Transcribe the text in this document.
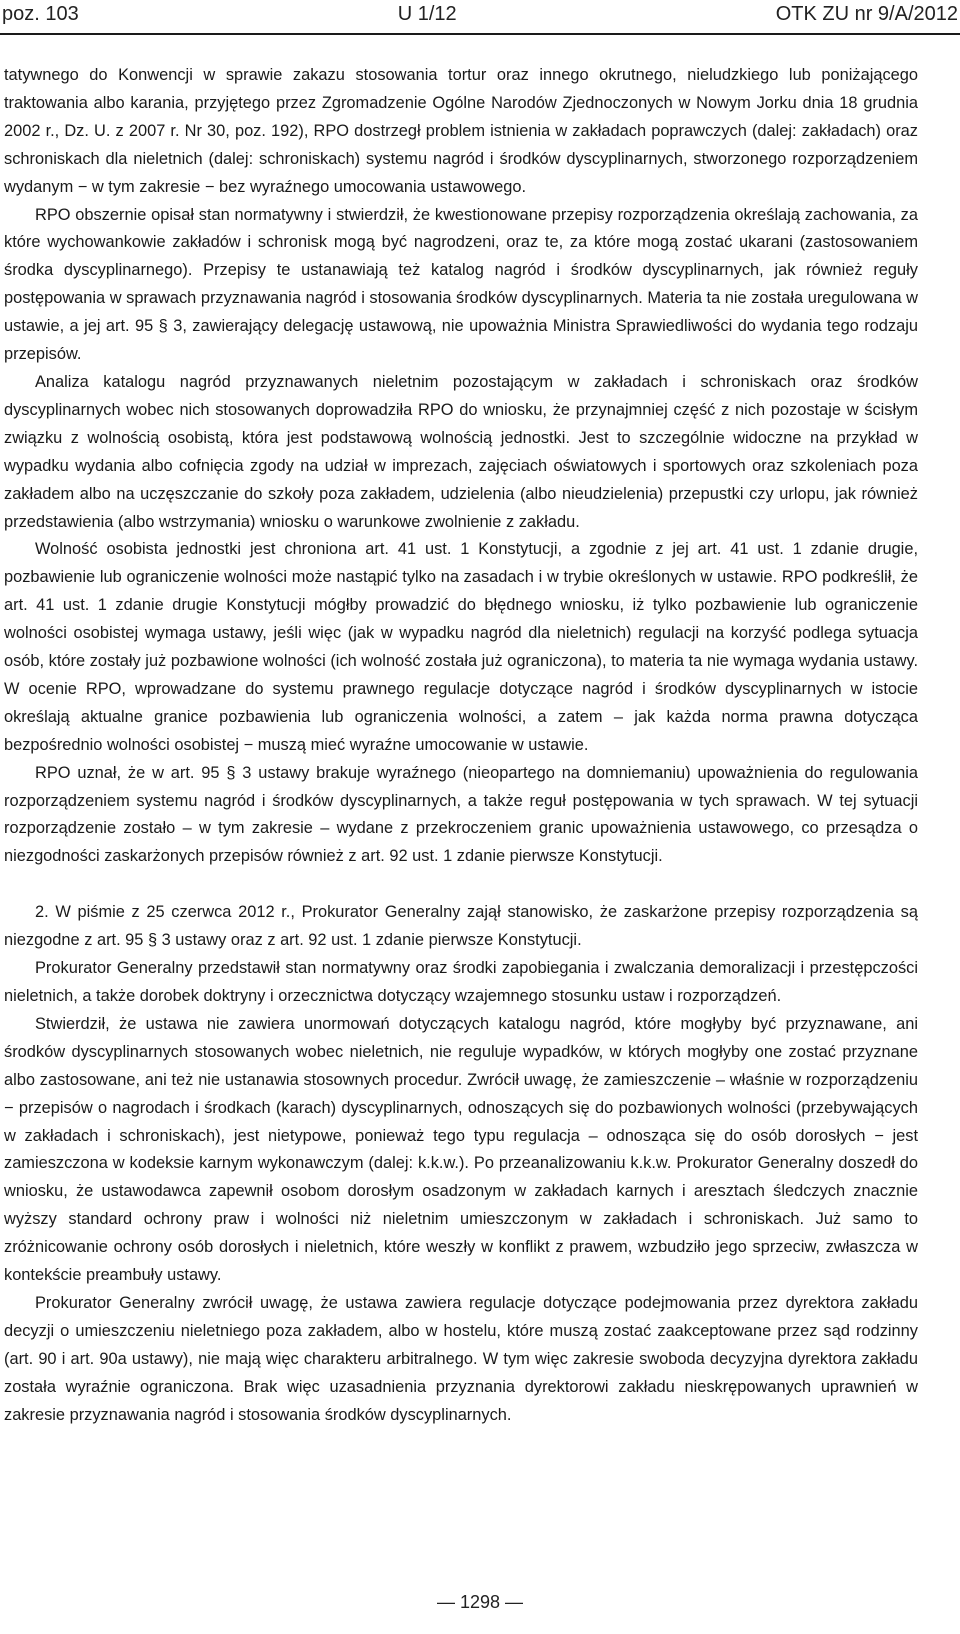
poz. 103	U 1/12	OTK ZU nr 9/A/2012

tatywnego do Konwencji w sprawie zakazu stosowania tortur oraz innego okrutnego, nieludzkiego lub poniżającego traktowania albo karania, przyjętego przez Zgromadzenie Ogólne Narodów Zjednoczonych w Nowym Jorku dnia 18 grudnia 2002 r., Dz. U. z 2007 r. Nr 30, poz. 192), RPO dostrzegł problem istnienia w zakładach poprawczych (dalej: zakładach) oraz schroniskach dla nieletnich (dalej: schroniskach) systemu nagród i środków dyscyplinarnych, stworzonego rozporządzeniem wydanym − w tym zakresie − bez wyraźnego umocowania ustawowego.

RPO obszernie opisał stan normatywny i stwierdził, że kwestionowane przepisy rozporządzenia określają zachowania, za które wychowankowie zakładów i schronisk mogą być nagrodzeni, oraz te, za które mogą zostać ukarani (zastosowaniem środka dyscyplinarnego). Przepisy te ustanawiają też katalog nagród i środków dyscyplinarnych, jak również reguły postępowania w sprawach przyznawania nagród i stosowania środków dyscyplinarnych. Materia ta nie została uregulowana w ustawie, a jej art. 95 § 3, zawierający delegację ustawową, nie upoważnia Ministra Sprawiedliwości do wydania tego rodzaju przepisów.

Analiza katalogu nagród przyznawanych nieletnim pozostającym w zakładach i schroniskach oraz środków dyscyplinarnych wobec nich stosowanych doprowadziła RPO do wniosku, że przynajmniej część z nich pozostaje w ścisłym związku z wolnością osobistą, która jest podstawową wolnością jednostki. Jest to szczególnie widoczne na przykład w wypadku wydania albo cofnięcia zgody na udział w imprezach, zajęciach oświatowych i sportowych oraz szkoleniach poza zakładem albo na uczęszczanie do szkoły poza zakładem, udzielenia (albo nieudzielenia) przepustki czy urlopu, jak również przedstawienia (albo wstrzymania) wniosku o warunkowe zwolnienie z zakładu.

Wolność osobista jednostki jest chroniona art. 41 ust. 1 Konstytucji, a zgodnie z jej art. 41 ust. 1 zdanie drugie, pozbawienie lub ograniczenie wolności może nastąpić tylko na zasadach i w trybie określonych w ustawie. RPO podkreślił, że art. 41 ust. 1 zdanie drugie Konstytucji mógłby prowadzić do błędnego wniosku, iż tylko pozbawienie lub ograniczenie wolności osobistej wymaga ustawy, jeśli więc (jak w wypadku nagród dla nieletnich) regulacji na korzyść podlega sytuacja osób, które zostały już pozbawione wolności (ich wolność została już ograniczona), to materia ta nie wymaga wydania ustawy. W ocenie RPO, wprowadzane do systemu prawnego regulacje dotyczące nagród i środków dyscyplinarnych w istocie określają aktualne granice pozbawienia lub ograniczenia wolności, a zatem – jak każda norma prawna dotycząca bezpośrednio wolności osobistej − muszą mieć wyraźne umocowanie w ustawie.

RPO uznał, że w art. 95 § 3 ustawy brakuje wyraźnego (nieopartego na domniemaniu) upoważnienia do regulowania rozporządzeniem systemu nagród i środków dyscyplinarnych, a także reguł postępowania w tych sprawach. W tej sytuacji rozporządzenie zostało – w tym zakresie – wydane z przekroczeniem granic upoważnienia ustawowego, co przesądza o niezgodności zaskarżonych przepisów również z art. 92 ust. 1 zdanie pierwsze Konstytucji.

2. W piśmie z 25 czerwca 2012 r., Prokurator Generalny zajął stanowisko, że zaskarżone przepisy rozporządzenia są niezgodne z art. 95 § 3 ustawy oraz z art. 92 ust. 1 zdanie pierwsze Konstytucji.

Prokurator Generalny przedstawił stan normatywny oraz środki zapobiegania i zwalczania demoralizacji i przestępczości nieletnich, a także dorobek doktryny i orzecznictwa dotyczący wzajemnego stosunku ustaw i rozporządzeń.

Stwierdził, że ustawa nie zawiera unormowań dotyczących katalogu nagród, które mogłyby być przyznawane, ani środków dyscyplinarnych stosowanych wobec nieletnich, nie reguluje wypadków, w których mogłyby one zostać przyznane albo zastosowane, ani też nie ustanawia stosownych procedur. Zwrócił uwagę, że zamieszczenie – właśnie w rozporządzeniu − przepisów o nagrodach i środkach (karach) dyscyplinarnych, odnoszących się do pozbawionych wolności (przebywających w zakładach i schroniskach), jest nietypowe, ponieważ tego typu regulacja – odnosząca się do osób dorosłych − jest zamieszczona w kodeksie karnym wykonawczym (dalej: k.k.w.). Po przeanalizowaniu k.k.w. Prokurator Generalny doszedł do wniosku, że ustawodawca zapewnił osobom dorosłym osadzonym w zakładach karnych i aresztach śledczych znacznie wyższy standard ochrony praw i wolności niż nieletnim umieszczonym w zakładach i schroniskach. Już samo to zróżnicowanie ochrony osób dorosłych i nieletnich, które weszły w konflikt z prawem, wzbudziło jego sprzeciw, zwłaszcza w kontekście preambuły ustawy.

Prokurator Generalny zwrócił uwagę, że ustawa zawiera regulacje dotyczące podejmowania przez dyrektora zakładu decyzji o umieszczeniu nieletniego poza zakładem, albo w hostelu, które muszą zostać zaakceptowane przez sąd rodzinny (art. 90 i art. 90a ustawy), nie mają więc charakteru arbitralnego. W tym więc zakresie swoboda decyzyjna dyrektora zakładu została wyraźnie ograniczona. Brak więc uzasadnienia przyznania dyrektorowi zakładu nieskrępowanych uprawnień w zakresie przyznawania nagród i stosowania środków dyscyplinarnych.

— 1298 —
